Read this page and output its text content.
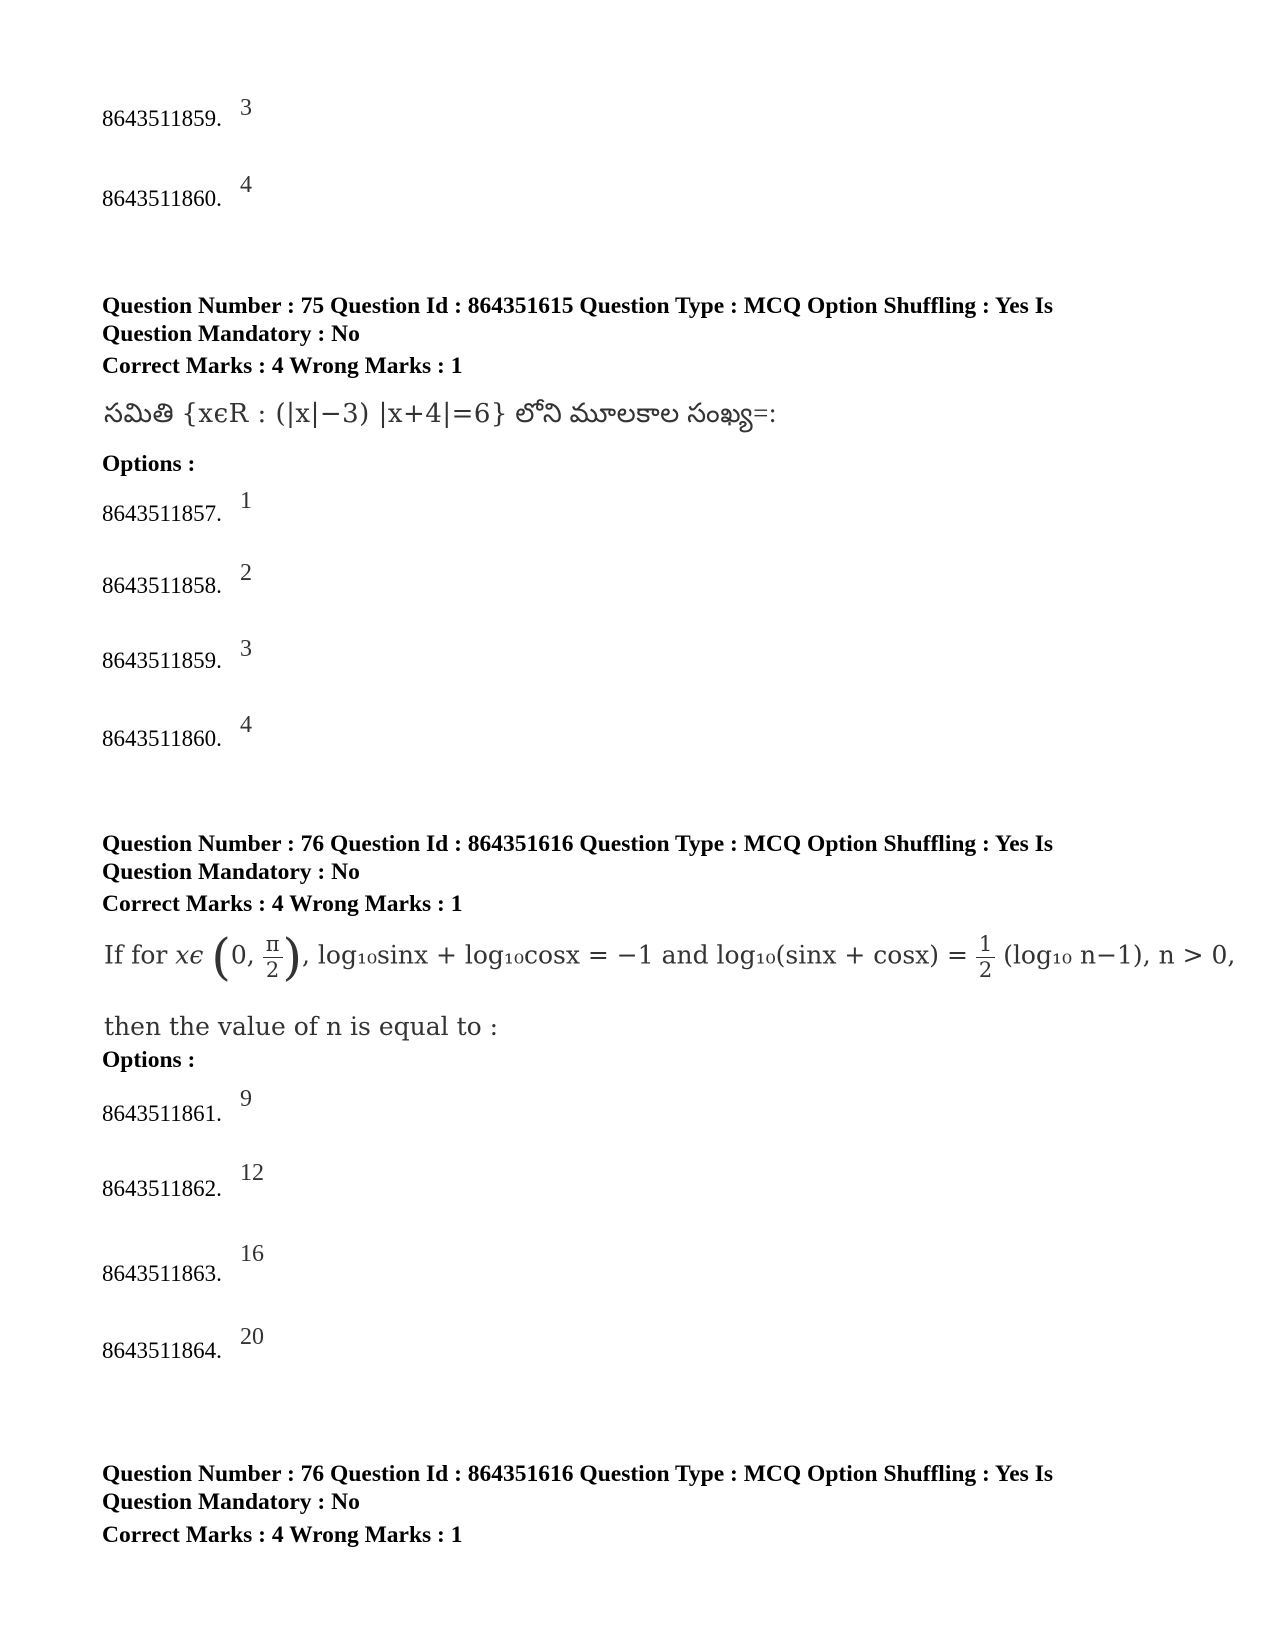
8643511859. 3
8643511860.
4
Question Number : 75 Question Id : 864351615 Question Type : MCQ Option Shuffling : Yes Is
Question Mandatory : No
Correct Marks : 4 Wrong Marks : 1
సమితి {xєR : (|x|−3) |x+4|=6} లోని మూలకాల సంఖ్య=:
Options :
8643511857. 1
8643511858. 2
8643511859. 3
8643511860.
4
Question Number : 76 Question Id : 864351616 Question Type : MCQ Option Shuffling : Yes Is
Question Mandatory : No
Correct Marks : 4 Wrong Marks : 1
If for xє (0, $\frac{\pi}{2}$ ), log₁₀sinx + log₁₀cosx = −1 and $\log_{10}(\sin x + \cos x) = \frac{1}{2} (\log_{10}$ n−1), n > 0,
then the value of n is equal to :
Options :
8643511861.
9
8643511862.
12
8643511863.
16
8643511864.
20
Question Number : 76 Question Id : 864351616 Question Type : MCQ Option Shuffling : Yes Is
Question Mandatory : No
Correct Marks : 4 Wrong Marks : 1
